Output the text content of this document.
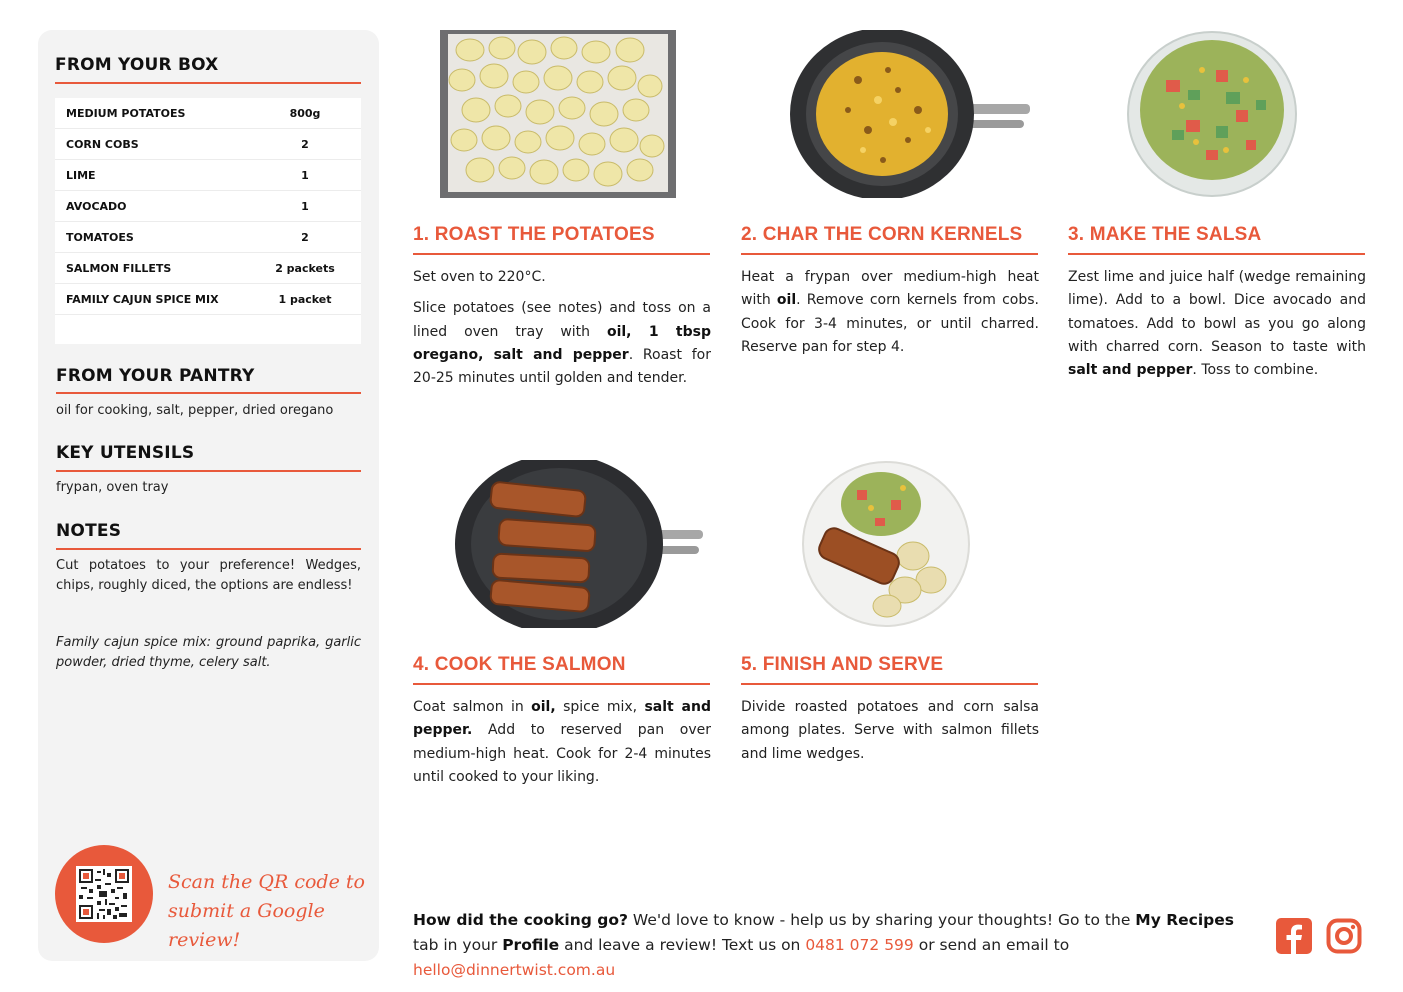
FROM YOUR BOX
MEDIUM POTATOES	800g
CORN COBS	2
LIME	1
AVOCADO	1
TOMATOES	2
SALMON FILLETS	2 packets
FAMILY CAJUN SPICE MIX	1 packet
FROM YOUR PANTRY
oil for cooking, salt, pepper, dried oregano
KEY UTENSILS
frypan, oven tray
NOTES
Cut potatoes to your preference! Wedges, chips, roughly diced, the options are endless!
Family cajun spice mix: ground paprika, garlic powder, dried thyme, celery salt.
Scan the QR code to
submit a Google review!
1. ROAST THE POTATOES

Set oven to 220°C.

Slice potatoes (see notes) and toss on a lined oven tray with oil, 1 tbsp oregano, salt and pepper. Roast for 20-25 minutes until golden and tender.

2. CHAR THE CORN KERNELS

Heat a frypan over medium-high heat with oil. Remove corn kernels from cobs. Cook for 3-4 minutes, or until charred. Reserve pan for step 4.

3. MAKE THE SALSA

Zest lime and juice half (wedge remaining lime). Add to a bowl. Dice avocado and tomatoes. Add to bowl as you go along with charred corn. Season to taste with salt and pepper. Toss to combine.

4. COOK THE SALMON

Coat salmon in oil, spice mix, salt and pepper. Add to reserved pan over medium-high heat. Cook for 2-4 minutes until cooked to your liking.

5. FINISH AND SERVE

Divide roasted potatoes and corn salsa among plates. Serve with salmon fillets and lime wedges.

How did the cooking go? We'd love to know - help us by sharing your thoughts! Go to the My Recipes tab in your Profile and leave a review! Text us on 0481 072 599 or send an email to hello@dinnertwist.com.au
